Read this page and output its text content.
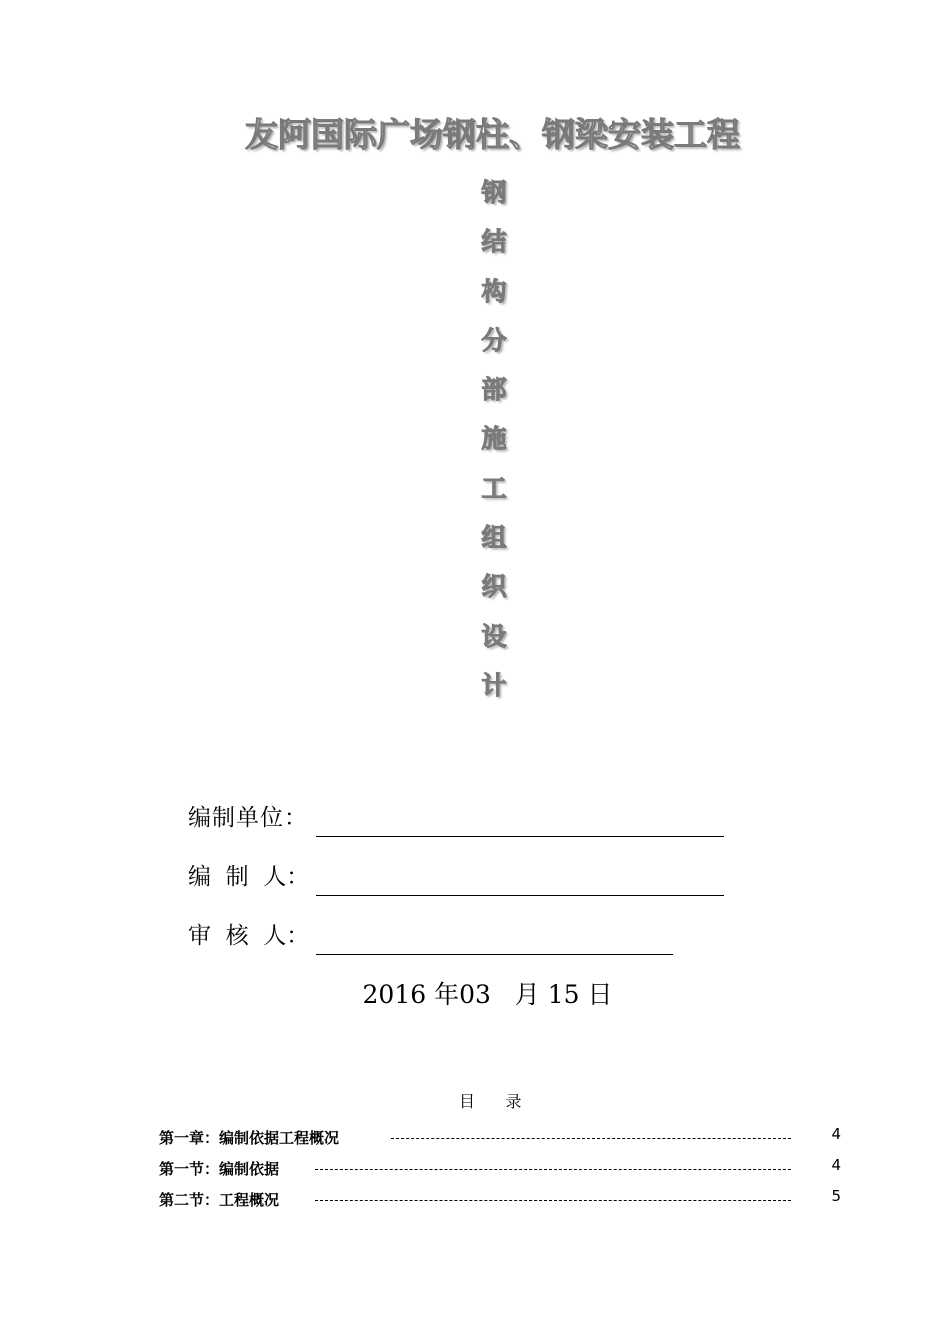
友阿国际广场钢柱、钢梁安装工程
钢
结
构
分
部
施
工
组
织
设
计
编制单位：
编  制  人：
审  核  人：
2016 年03   月 15 日
目      录
第一章：编制依据工程概况	4
第一节：编制依据	4
第二节：工程概况	5
